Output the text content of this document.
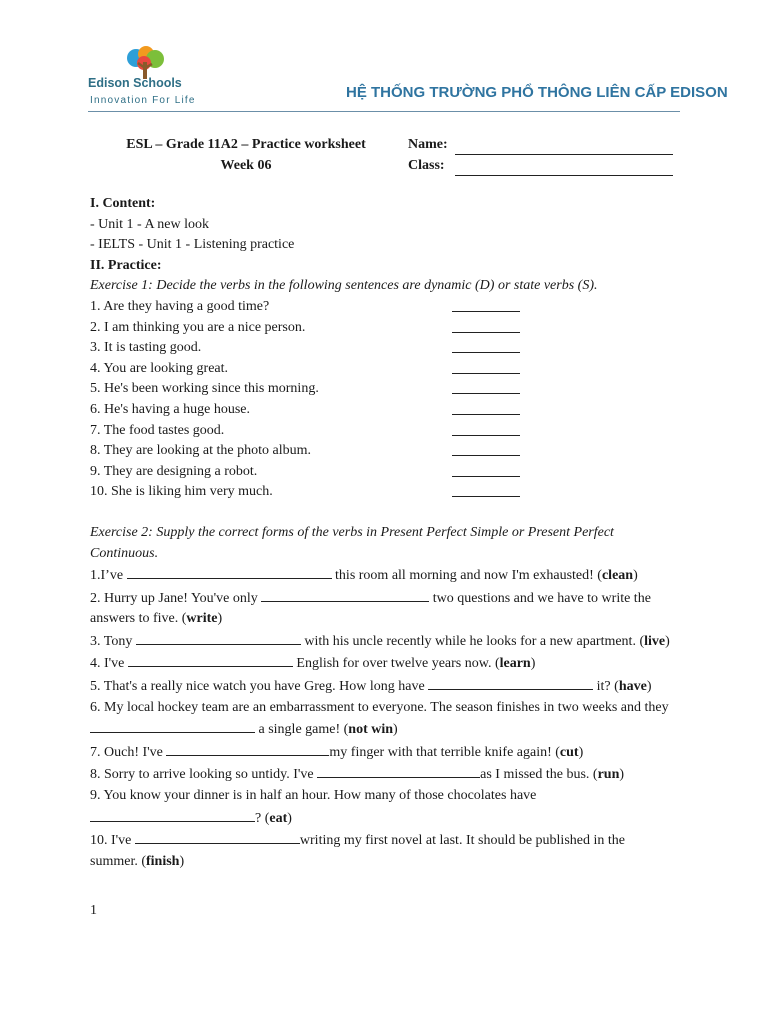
Edison Schools
Innovation For Life	HỆ THỐNG TRƯỜNG PHỔ THÔNG LIÊN CẤP EDISON
ESL – Grade 11A2 – Practice worksheet
Week 06
Name:
Class:
I. Content:
- Unit 1 - A new look
- IELTS - Unit 1 - Listening practice
II. Practice:
Exercise 1: Decide the verbs in the following sentences are dynamic (D) or state verbs (S).
1. Are they having a good time?
2. I am thinking you are a nice person.
3. It is tasting good.
4. You are looking great.
5. He's been working since this morning.
6. He's having a huge house.
7. The food tastes good.
8. They are looking at the photo album.
9. They are designing a robot.
10. She is liking him very much.
Exercise 2: Supply the correct forms of the verbs in Present Perfect Simple or Present Perfect Continuous.
1.I’ve	this room all morning and now I'm exhausted! (clean)
2. Hurry up Jane! You've only	two questions and we have to write the answers to five. (write)
3. Tony	with his uncle recently while he looks for a new apartment. (live)
4. I've	English for over twelve years now. (learn)
5. That's a really nice watch you have Greg. How long have	it? (have)
6. My local hockey team are an embarrassment to everyone. The season finishes in two weeks and they  a single game! (not win)
7. Ouch! I've	my finger with that terrible knife again! (cut)
8. Sorry to arrive looking so untidy. I've	as I missed the bus. (run)
9. You know your dinner is in half an hour. How many of those chocolates have ? (eat)
10. I've	writing my first novel at last. It should be published in the summer. (finish)
1
